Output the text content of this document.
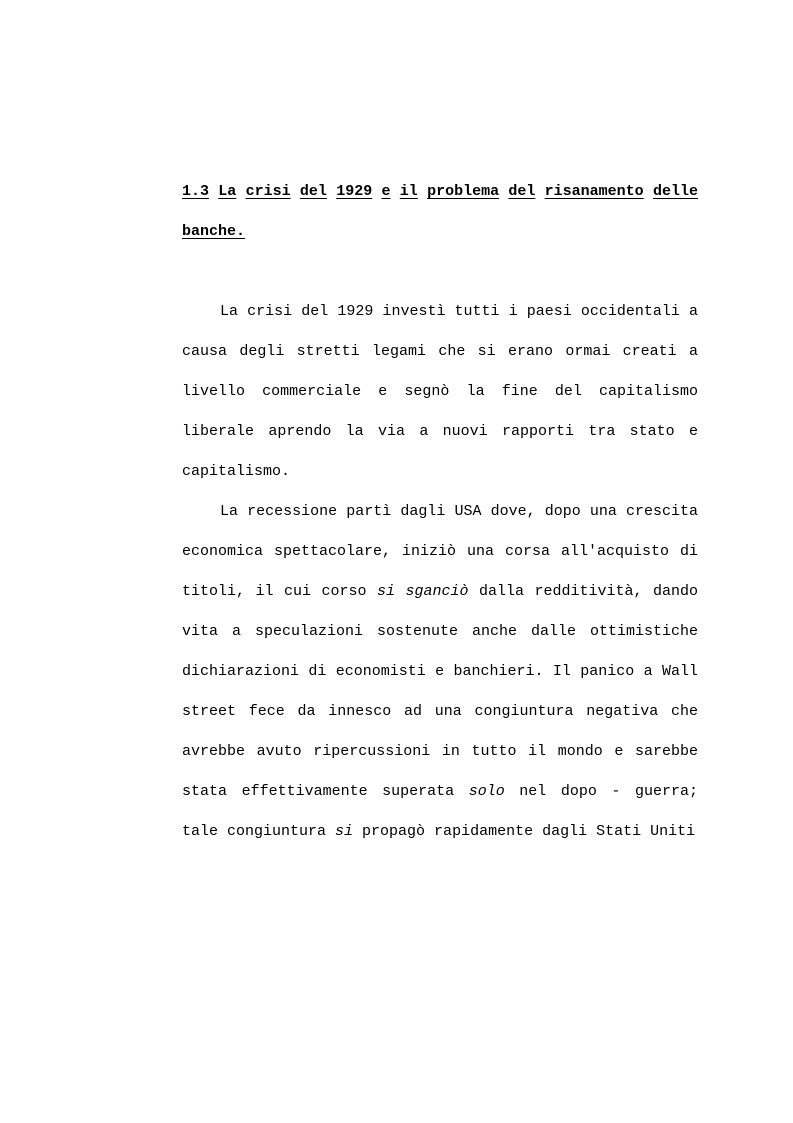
1.3 La crisi del 1929 e il problema del risanamento delle banche.

La crisi del 1929 investì tutti i paesi occidentali a causa degli stretti legami che si erano ormai creati a livello commerciale e segnò la fine del capitalismo liberale aprendo la via a nuovi rapporti tra stato e capitalismo.

La recessione partì dagli USA dove, dopo una crescita economica spettacolare, iniziò una corsa all'acquisto di titoli, il cui corso si sganciò dalla redditività, dando vita a speculazioni sostenute anche dalle ottimistiche dichiarazioni di economisti e banchieri. Il panico a Wall street fece da innesco ad una congiuntura negativa che avrebbe avuto ripercussioni in tutto il mondo e sarebbe stata effettivamente superata solo nel dopo - guerra; tale congiuntura si propagò rapidamente dagli Stati Uniti
